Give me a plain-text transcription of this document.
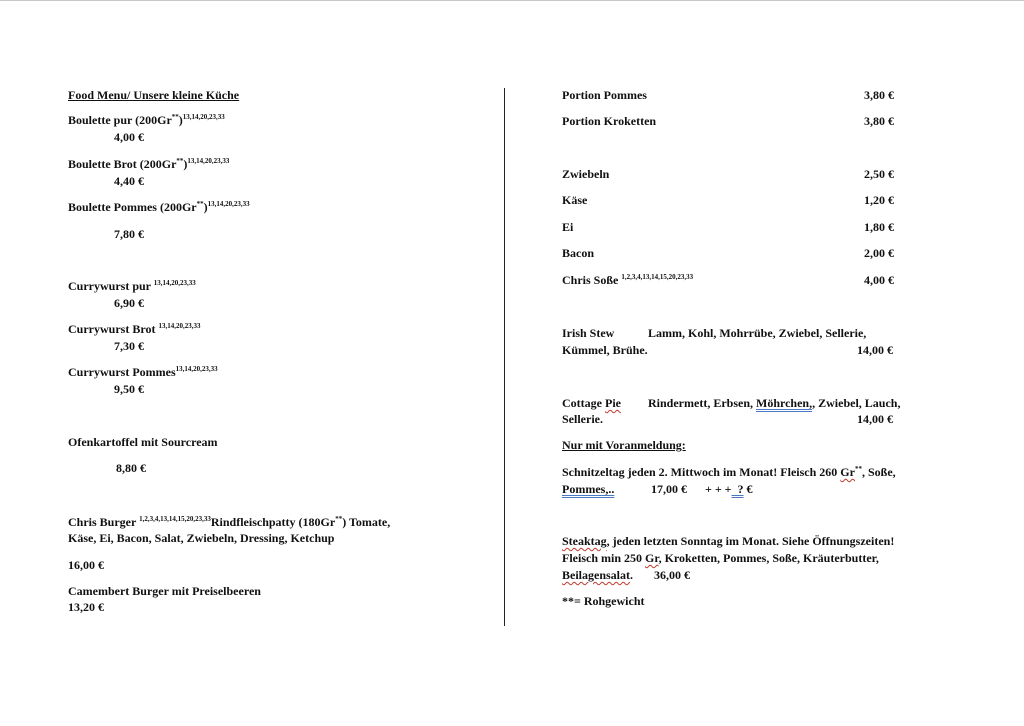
Food Menu/ Unsere kleine Küche
Boulette pur $(200Gr^{**})^{13,14,20,23,33}$
4,00 €
Boulette Brot $(200Gr^{**})^{13,14,20,23,33}$
4,40 €
Boulette Pommes $(200Gr^{**})^{13,14,20,23,33}$
7,80 €
Currywurst pur $^{13,14,20,23,33}$
6,90 €
Currywurst Brot $^{13,14,20,23,33}$
7,30 €
Currywurst Pommes$^{13,14,20,23,33}$
9,50 €
Ofenkartoffel mit Sourcream
8,80 €
Chris Burger $^{1,2,3,4,13,14,15,20,23,33}$Rindfleischpatty (180Gr**) Tomate,
Käse, Ei, Bacon, Salat, Zwiebeln, Dressing, Ketchup
16,00 €
Camembert Burger mit Preiselbeeren
13,20 €
Portion Pommes	3,80 €
Portion Kroketten	3,80 €
Zwiebeln	2,50 €
Käse	1,20 €
Ei	1,80 €
Bacon	2,00 €
Chris Soße $^{1,2,3,4,13,14,15,20,23,33}$	4,00 €
Irish Stew	Lamm, Kohl, Mohrrübe, Zwiebel, Sellerie,
Kümmel, Brühe.	14,00 €
Cottage Pie Rindermett, Erbsen, Möhrchen,, Zwiebel, Lauch,
Sellerie.	14,00 €
Nur mit Voranmeldung:
Schnitzeltag jeden 2. Mittwoch im Monat! Fleisch 260 Gr**, Soße,
Pommes,..	17,00 € + + +  ? €
Steaktag, jeden letzten Sonntag im Monat. Siehe Öffnungszeiten!
Fleisch min 250 Gr, Kroketten, Pommes, Soße, Kräuterbutter,
Beilagensalat. 36,00 €
**= Rohgewicht
